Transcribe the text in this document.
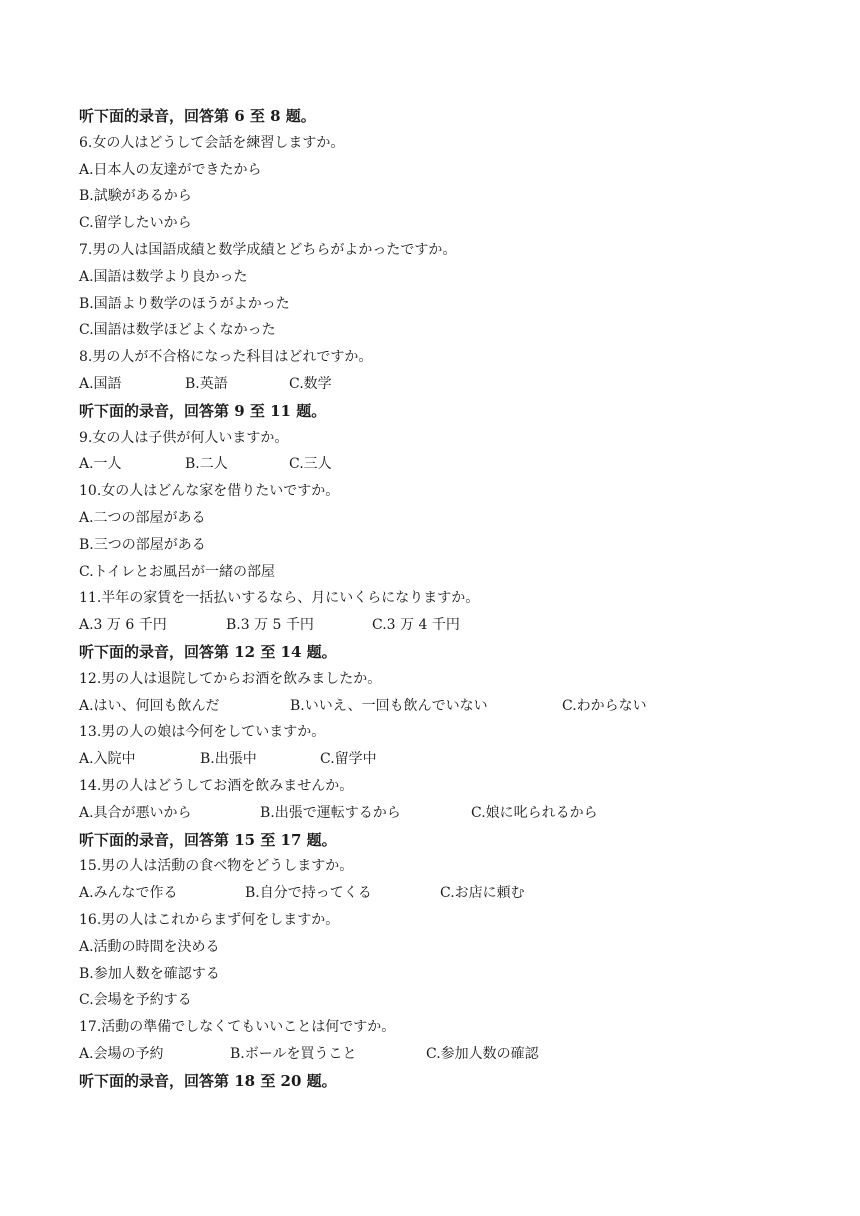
听下面的录音，回答第 6 至 8 题。
6.女の人はどうして会話を練習しますか。
A.日本人の友達ができたから
B.試験があるから
C.留学したいから
7.男の人は国語成績と数学成績とどちらがよかったですか。
A.国語は数学より良かった
B.国語より数学のほうがよかった
C.国語は数学ほどよくなかった
8.男の人が不合格になった科目はどれですか。
A.国語	B.英語	C.数学
听下面的录音，回答第 9 至 11 题。
9.女の人は子供が何人いますか。
A.一人	B.二人	C.三人
10.女の人はどんな家を借りたいですか。
A.二つの部屋がある
B.三つの部屋がある
C.トイレとお風呂が一緒の部屋
11.半年の家賃を一括払いするなら、月にいくらになりますか。
A.3 万 6 千円	B.3 万 5 千円	C.3 万 4 千円
听下面的录音，回答第 12 至 14 题。
12.男の人は退院してからお酒を飲みましたか。
A.はい、何回も飲んだ	B.いいえ、一回も飲んでいない	C.わからない
13.男の人の娘は今何をしていますか。
A.入院中	B.出張中	C.留学中
14.男の人はどうしてお酒を飲みませんか。
A.具合が悪いから	B.出張で運転するから	C.娘に叱られるから
听下面的录音，回答第 15 至 17 题。
15.男の人は活動の食べ物をどうしますか。
A.みんなで作る	B.自分で持ってくる	C.お店に頼む
16.男の人はこれからまず何をしますか。
A.活動の時間を決める
B.参加人数を確認する
C.会場を予約する
17.活動の準備でしなくてもいいことは何ですか。
A.会場の予約	B.ボールを買うこと	C.参加人数の確認
听下面的录音，回答第 18 至 20 题。
